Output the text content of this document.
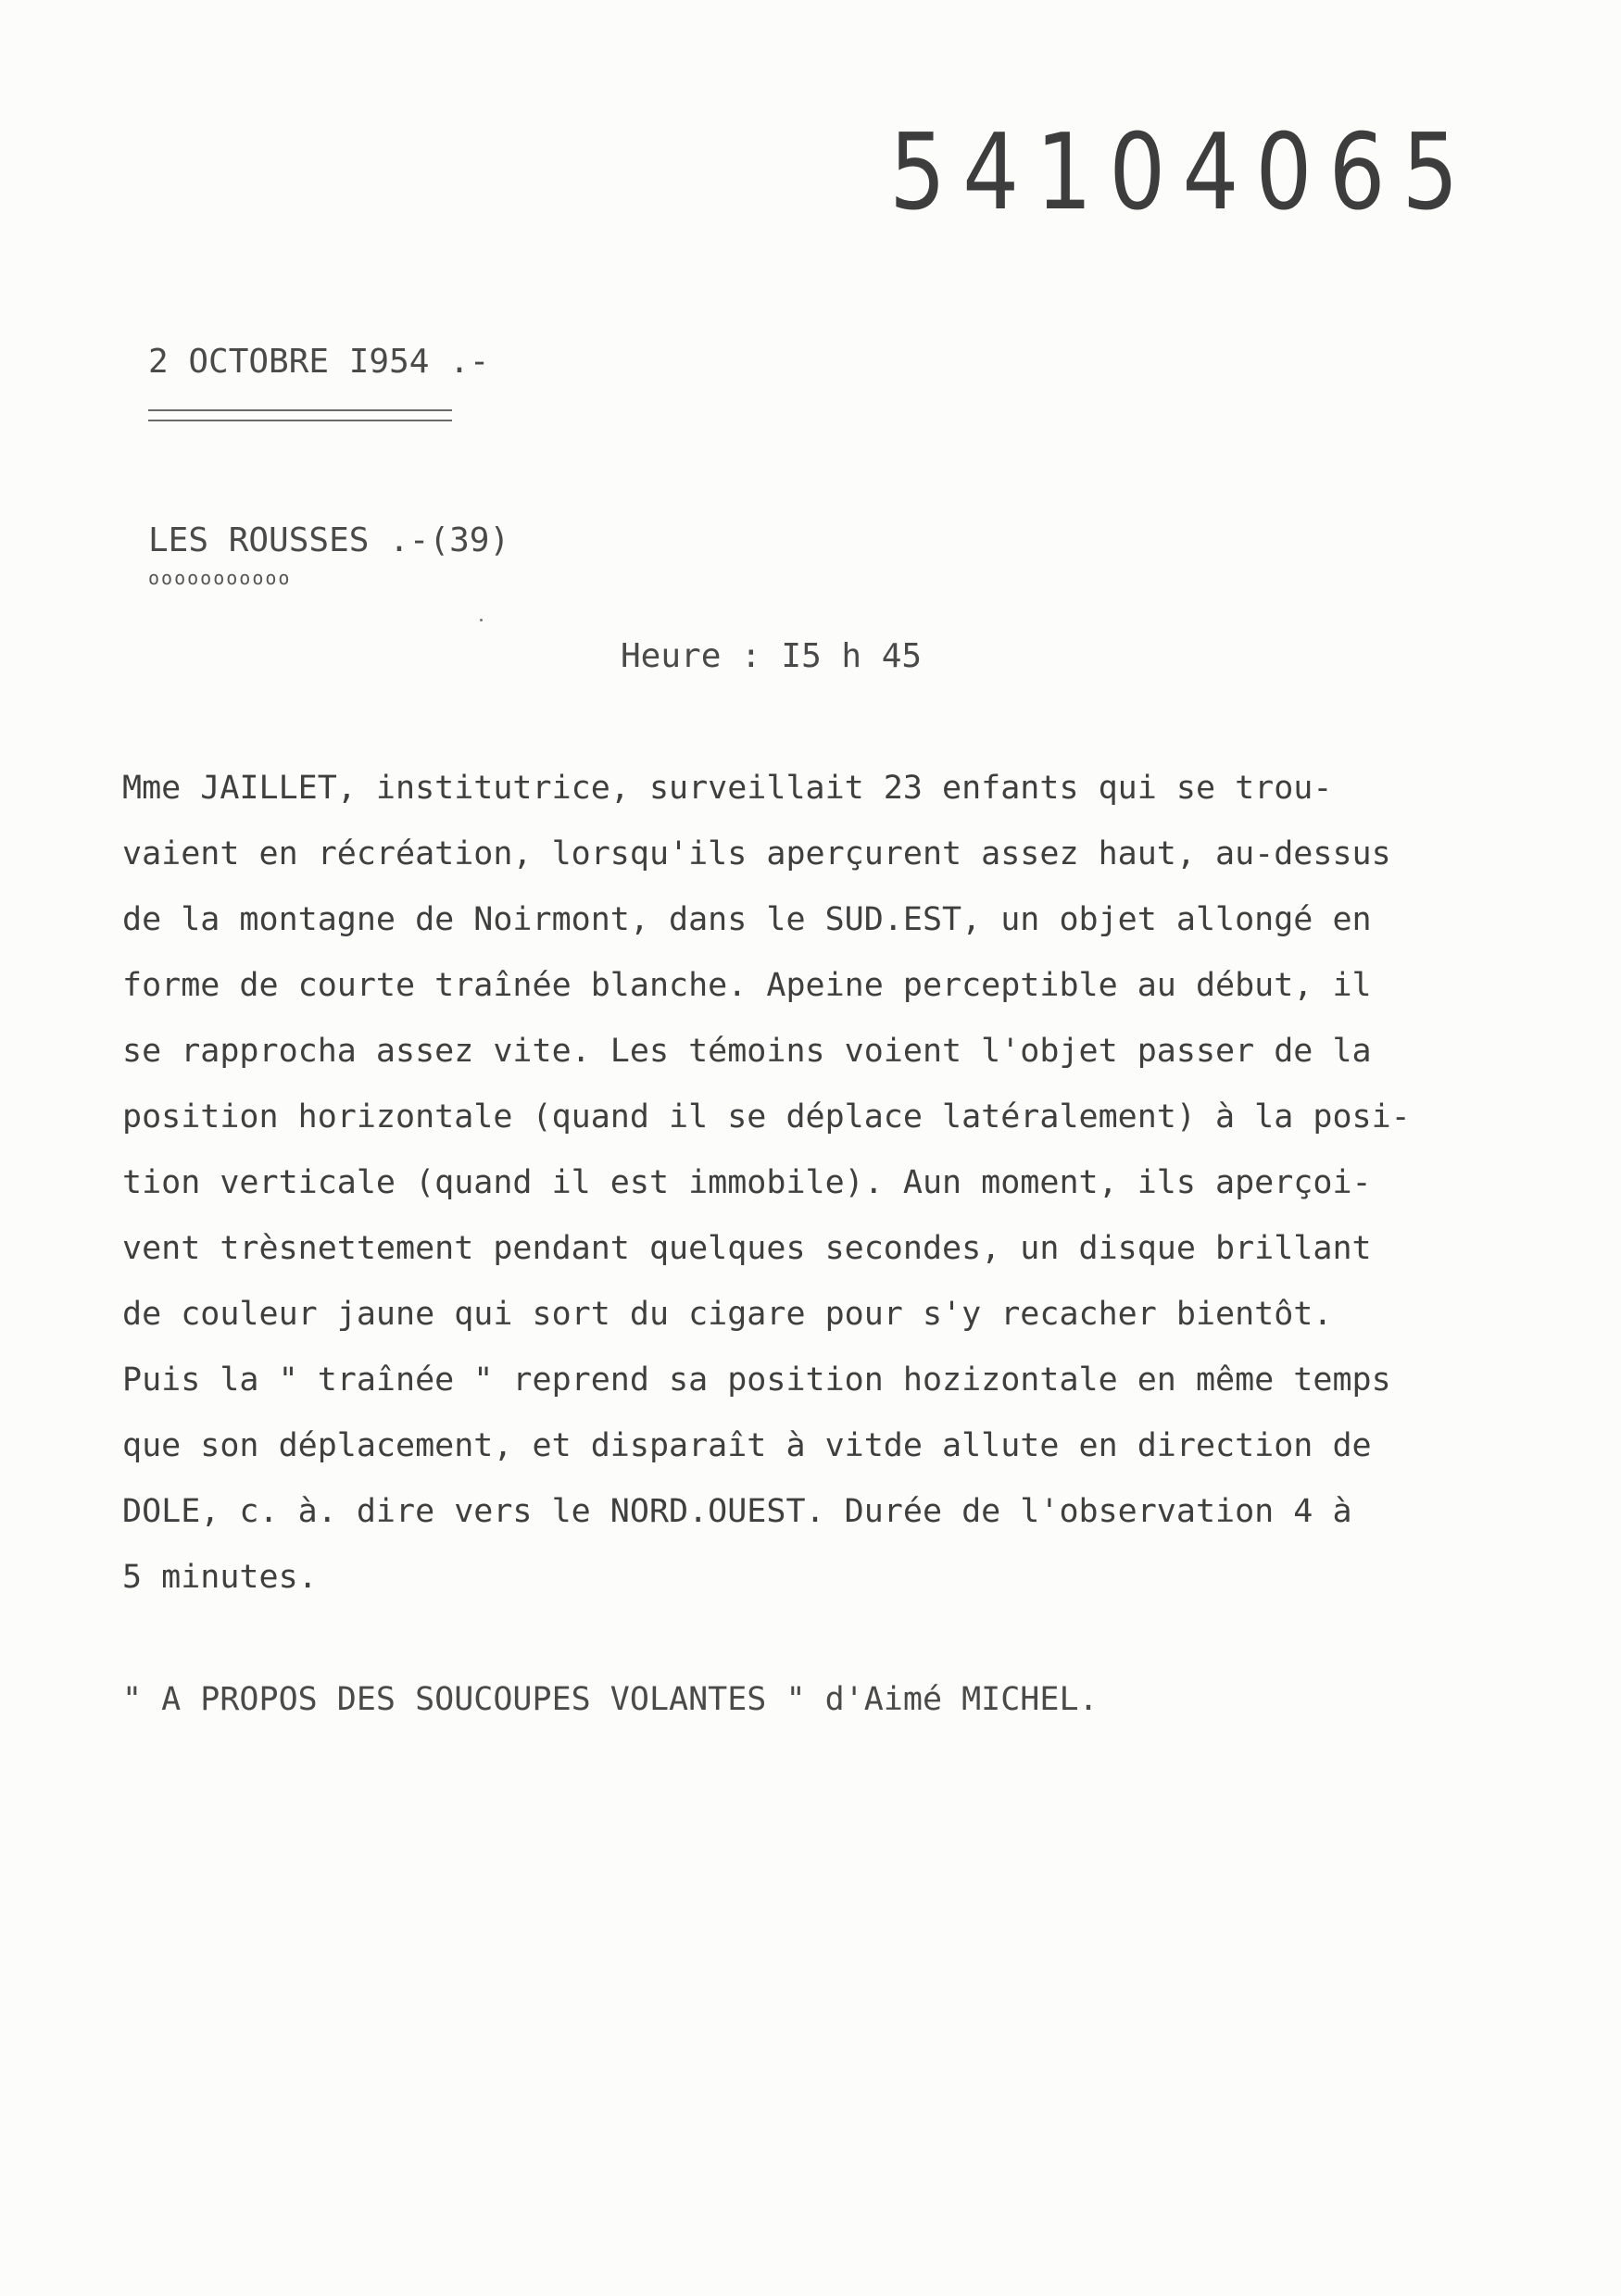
54104065
2 OCTOBRE I954 .-
LES ROUSSES .-(39)
ooooooooooo
Heure : I5 h 45
Mme JAILLET, institutrice, surveillait 23 enfants qui se trou-
vaient en récréation, lorsqu'ils aperçurent assez haut, au-dessus
de la montagne de Noirmont, dans le SUD.EST, un objet allongé en
forme de courte traînée blanche. Apeine perceptible au début, il
se rapprocha assez vite. Les témoins voient l'objet passer de la
position horizontale (quand il se déplace latéralement) à la posi-
tion verticale (quand il est immobile). Aun moment, ils aperçoi-
vent trèsnettement pendant quelques secondes, un disque brillant
de couleur jaune qui sort du cigare pour s'y recacher bientôt.
Puis la " traînée " reprend sa position hozizontale en même temps
que son déplacement, et disparaît à vitde allute en direction de
DOLE, c. à. dire vers le NORD.OUEST. Durée de l'observation 4 à
5 minutes.
" A PROPOS DES SOUCOUPES VOLANTES " d'Aimé MICHEL.
